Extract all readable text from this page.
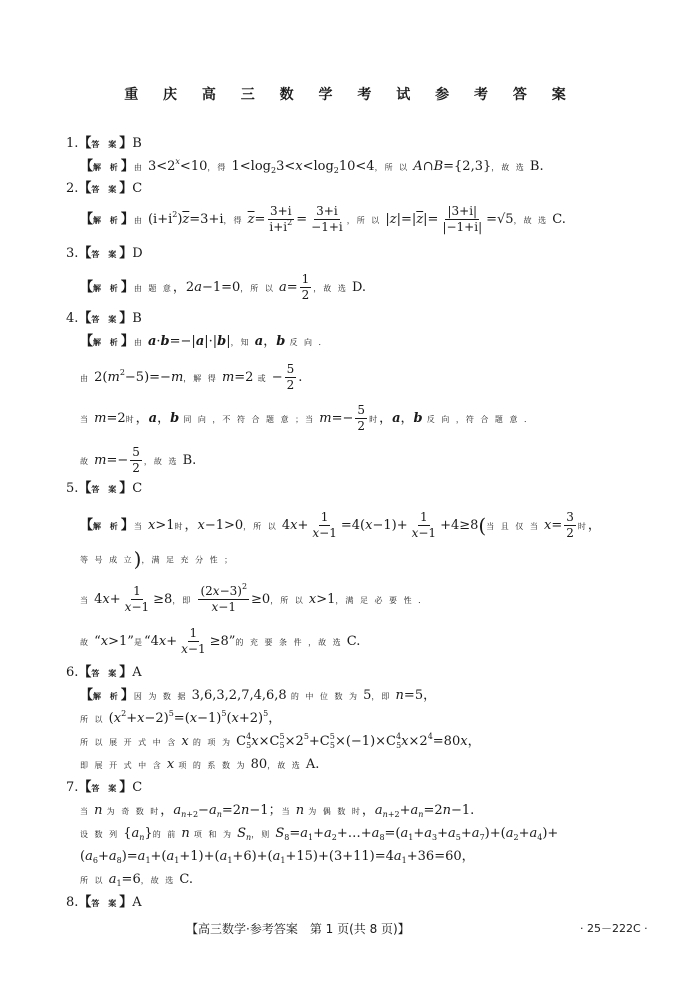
重 庆 高 三 数 学 考 试 参 考 答 案
1.【答 案】B
【解 析】由 $3<2^x<10$，得 $1<\log_23<x<\log_210<4$，所 以 A∩B={2,3}，故 选 B.
2.【答 案】C
【解 析】由 $(i+i^2)\overline{z}=3+i$，得 $\overline{z}= \frac{3+i}{i+i^2} = \frac{3+i}{-1+i}$ ，所 以 $|z|=|\overline{z}|= \frac{|3+i|}{|-1+i|} =√5$，故 选 C.
3.【答 案】D
【解 析】由 题 意，2a−1=0，所 以 $a= \frac{1}{2}$ ，故 选 D.
4.【答 案】B
【解 析】由 a·b=−|a|·|b|，知 a，b 反 向 ．
由 $2(m^2-5)=-m$，解 得 m=2 或 − $\frac{5}{2}$ .
当 m=2时，a，b 同 向 ，不 符 合 题 意 ；当 $m=- \frac{5}{2}$ 时，a，b 反 向 ，符 合 题 意 ．
故 $m=- \frac{5}{2}$ ，故 选 B.
5.【答 案】C
【解 析】当 x>1时，x−1>0，所 以 $4x+ \frac{1}{x-1} =4(x-1)+ \frac{1}{x-1} +4\ge 8$(当 且 仅 当 $x= \frac{3}{2}$ 时，
等 号 成 立)，满 足 充 分 性 ；
当 $4x+ \frac{1}{x-1} \ge 8$，即 $\frac{(2x-3)^2}{x-1} \ge 0$，所 以 x>1，满 足 必 要 性 ．
故 “x>1”是“$4x+ \frac{1}{x-1} \ge 8$”的 充 要 条 件 ，故 选 C.
6.【答 案】A
【解 析】因 为 数 据 3,6,3,2,7,4,6,8 的 中 位 数 为 5，即 n=5，
所 以 $(x^2+x-2)^5=(x-1)^5(x+2)^5$，
所 以 展 开 式 中 含 x 的 项 为 $C^4_5x\times C^5_5\times 2^5+C^5_5\times(-1)\times C^4_5x\times 2^4=80x$，
即 展 开 式 中 含 x 项 的 系 数 为 80，故 选 A.
7.【答 案】C
当 n 为 奇 数 时，$a_{n+2}-a_n=2n-1$；当 n 为 偶 数 时，$a_{n+2}+a_n=2n-1$.
设 数 列 $\{a_n\}$的 前 n 项 和 为 $S_n$，则 $S_8=a_1+a_2+\dots+a_8=(a_1+a_3+a_5+a_7)+(a_2+a_4)+$
$(a_6+a_8)=a_1+(a_1+1)+(a_1+6)+(a_1+15)+(3+11)=4a_1+36=60$，
所 以 $a_1=6$，故 选 C.
8.【答 案】A
【高三数学·参考答案　第 1 页(共 8 页)】	· 25－222C ·
